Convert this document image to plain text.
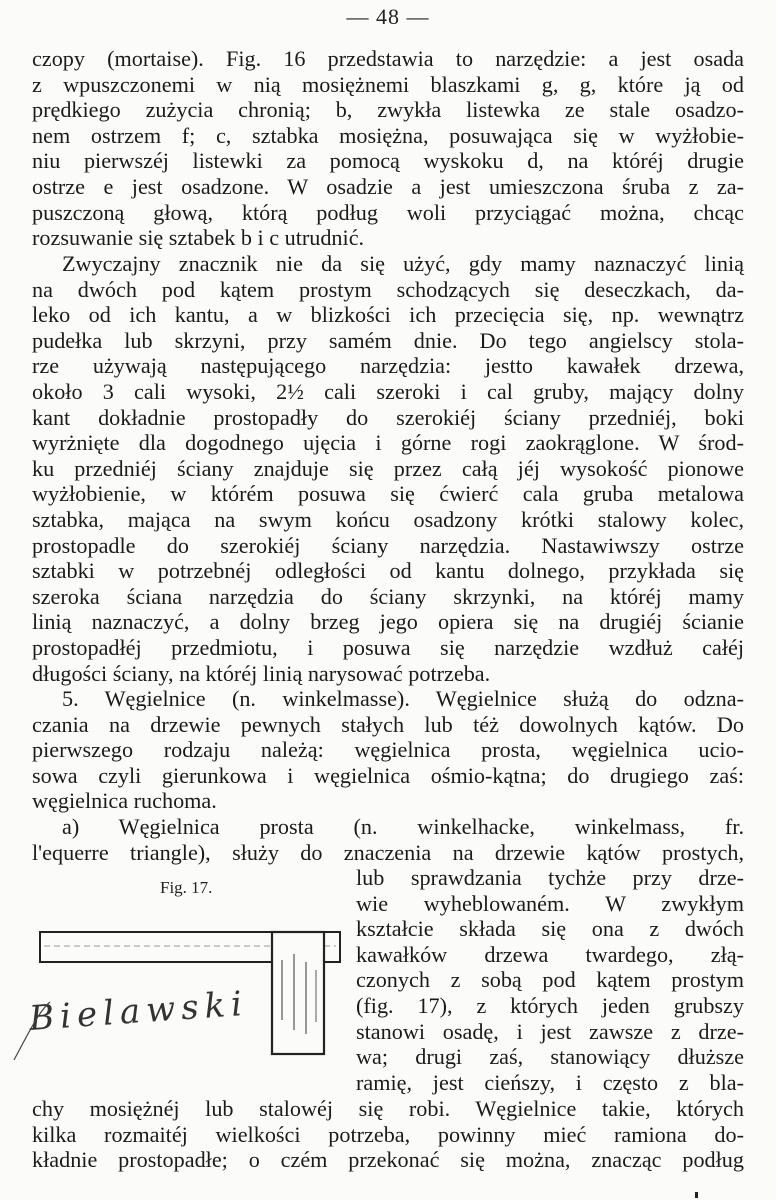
— 48 —
czopy (mortaise). Fig. 16 przedstawia to narzędzie: a jest osada
z wpuszczonemi w nią mosiężnemi blaszkami g, g, które ją od
prędkiego zużycia chronią; b, zwykła listewka ze stale osadzo-
nem ostrzem f; c, sztabka mosiężna, posuwająca się w wyżłobie-
niu pierwszéj listewki za pomocą wyskoku d, na któréj drugie
ostrze e jest osadzone. W osadzie a jest umieszczona śruba z za-
puszczoną głową, którą podług woli przyciągać można, chcąc
rozsuwanie się sztabek b i c utrudnić.
Zwyczajny znacznik nie da się użyć, gdy mamy naznaczyć linią
na dwóch pod kątem prostym schodzących się deseczkach, da-
leko od ich kantu, a w blizkości ich przecięcia się, np. wewnątrz
pudełka lub skrzyni, przy samém dnie. Do tego angielscy stola-
rze używają następującego narzędzia: jestto kawałek drzewa,
około 3 cali wysoki, 2½ cali szeroki i cal gruby, mający dolny
kant dokładnie prostopadły do szerokiéj ściany przedniéj, boki
wyrżnięte dla dogodnego ujęcia i górne rogi zaokrąglone. W środ-
ku przedniéj ściany znajduje się przez całą jéj wysokość pionowe
wyżłobienie, w którém posuwa się ćwierć cala gruba metalowa
sztabka, mająca na swym końcu osadzony krótki stalowy kolec,
prostopadle do szerokiéj ściany narzędzia. Nastawiwszy ostrze
sztabki w potrzebnéj odległości od kantu dolnego, przykłada się
szeroka ściana narzędzia do ściany skrzynki, na któréj mamy
linią naznaczyć, a dolny brzeg jego opiera się na drugiéj ścianie
prostopadłéj przedmiotu, i posuwa się narzędzie wzdłuż całéj
długości ściany, na któréj linią narysować potrzeba.
5. Węgielnice (n. winkelmasse). Węgielnice służą do odzna-
czania na drzewie pewnych stałych lub téż dowolnych kątów. Do
pierwszego rodzaju należą: węgielnica prosta, węgielnica ucio-
sowa czyli gierunkowa i węgielnica ośmio-kątna; do drugiego zaś:
węgielnica ruchoma.
a) Węgielnica prosta (n. winkelhacke, winkelmass, fr.
l'equerre triangle), służy do znaczenia na drzewie kątów prostych,
Fig. 17.
Bielawski
lub sprawdzania tychże przy drze-
wie wyheblowaném. W zwykłym
kształcie składa się ona z dwóch
kawałków drzewa twardego, złą-
czonych z sobą pod kątem prostym
(fig. 17), z których jeden grubszy
stanowi osadę, i jest zawsze z drze-
wa; drugi zaś, stanowiący dłuższe
ramię, jest cieńszy, i często z bla-
chy mosiężnéj lub stalowéj się robi. Węgielnice takie, których
kilka rozmaitéj wielkości potrzeba, powinny mieć ramiona do-
kładnie prostopadłe; o czém przekonać się można, znacząc podług
